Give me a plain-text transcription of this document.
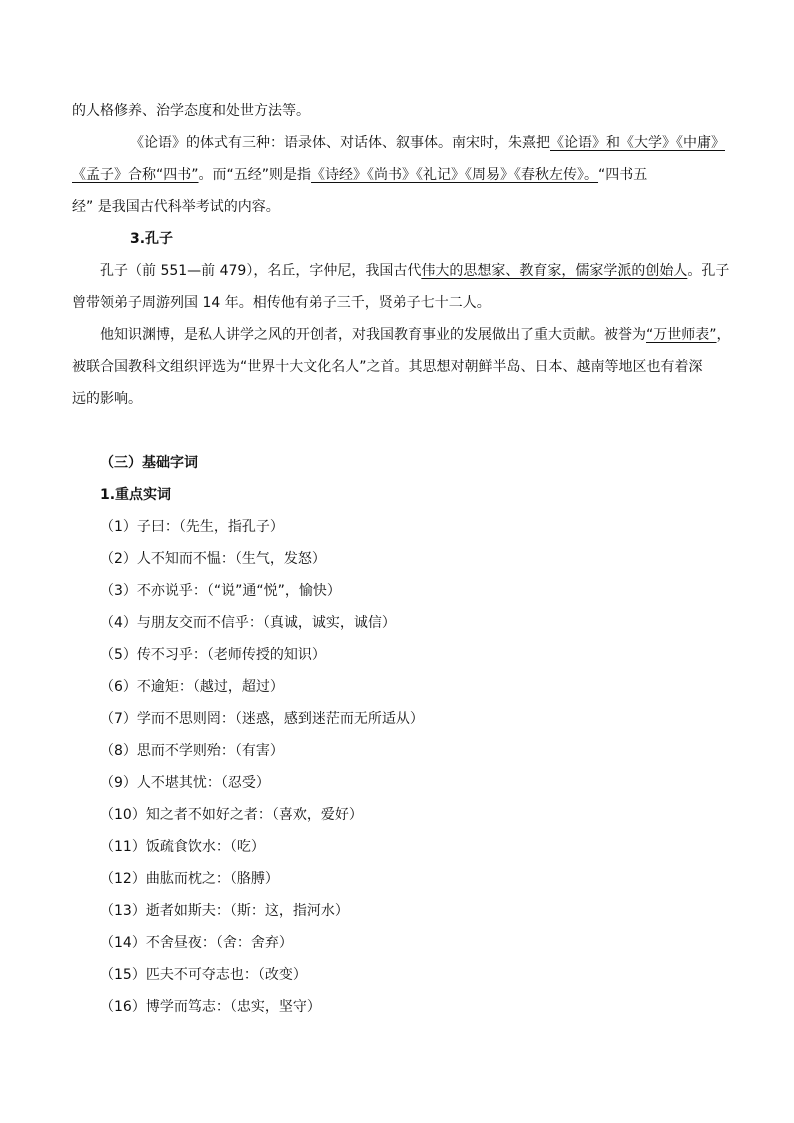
的人格修养、治学态度和处世方法等。
《论语》的体式有三种：语录体、对话体、叙事体。南宋时，朱熹把《论语》和《大学》《中庸》
《孟子》合称“四书”。而“五经”则是指《诗经》《尚书》《礼记》《周易》《春秋左传》。“四书五
经” 是我国古代科举考试的内容。
3.孔子
孔子（前 551—前 479），名丘，字仲尼，我国古代伟大的思想家、教育家，儒家学派的创始人。孔子
曾带领弟子周游列国 14 年。相传他有弟子三千，贤弟子七十二人。
他知识渊博，是私人讲学之风的开创者，对我国教育事业的发展做出了重大贡献。被誉为“万世师表”，
被联合国教科文组织评选为“世界十大文化名人”之首。其思想对朝鲜半岛、日本、越南等地区也有着深
远的影响。
（三）基础字词
1.重点实词
（1）子曰：（先生，指孔子）
（2）人不知而不愠：（生气，发怒）
（3）不亦说乎：（“说”通“悦”，愉快）
（4）与朋友交而不信乎：（真诚，诚实，诚信）
（5）传不习乎：（老师传授的知识）
（6）不逾矩：（越过，超过）
（7）学而不思则罔：（迷惑，感到迷茫而无所适从）
（8）思而不学则殆：（有害）
（9）人不堪其忧：（忍受）
（10）知之者不如好之者：（喜欢，爱好）
（11）饭疏食饮水：（吃）
（12）曲肱而枕之：（胳膊）
（13）逝者如斯夫：（斯：这，指河水）
（14）不舍昼夜：（舍：舍弃）
（15）匹夫不可夺志也：（改变）
（16）博学而笃志：（忠实，坚守）
